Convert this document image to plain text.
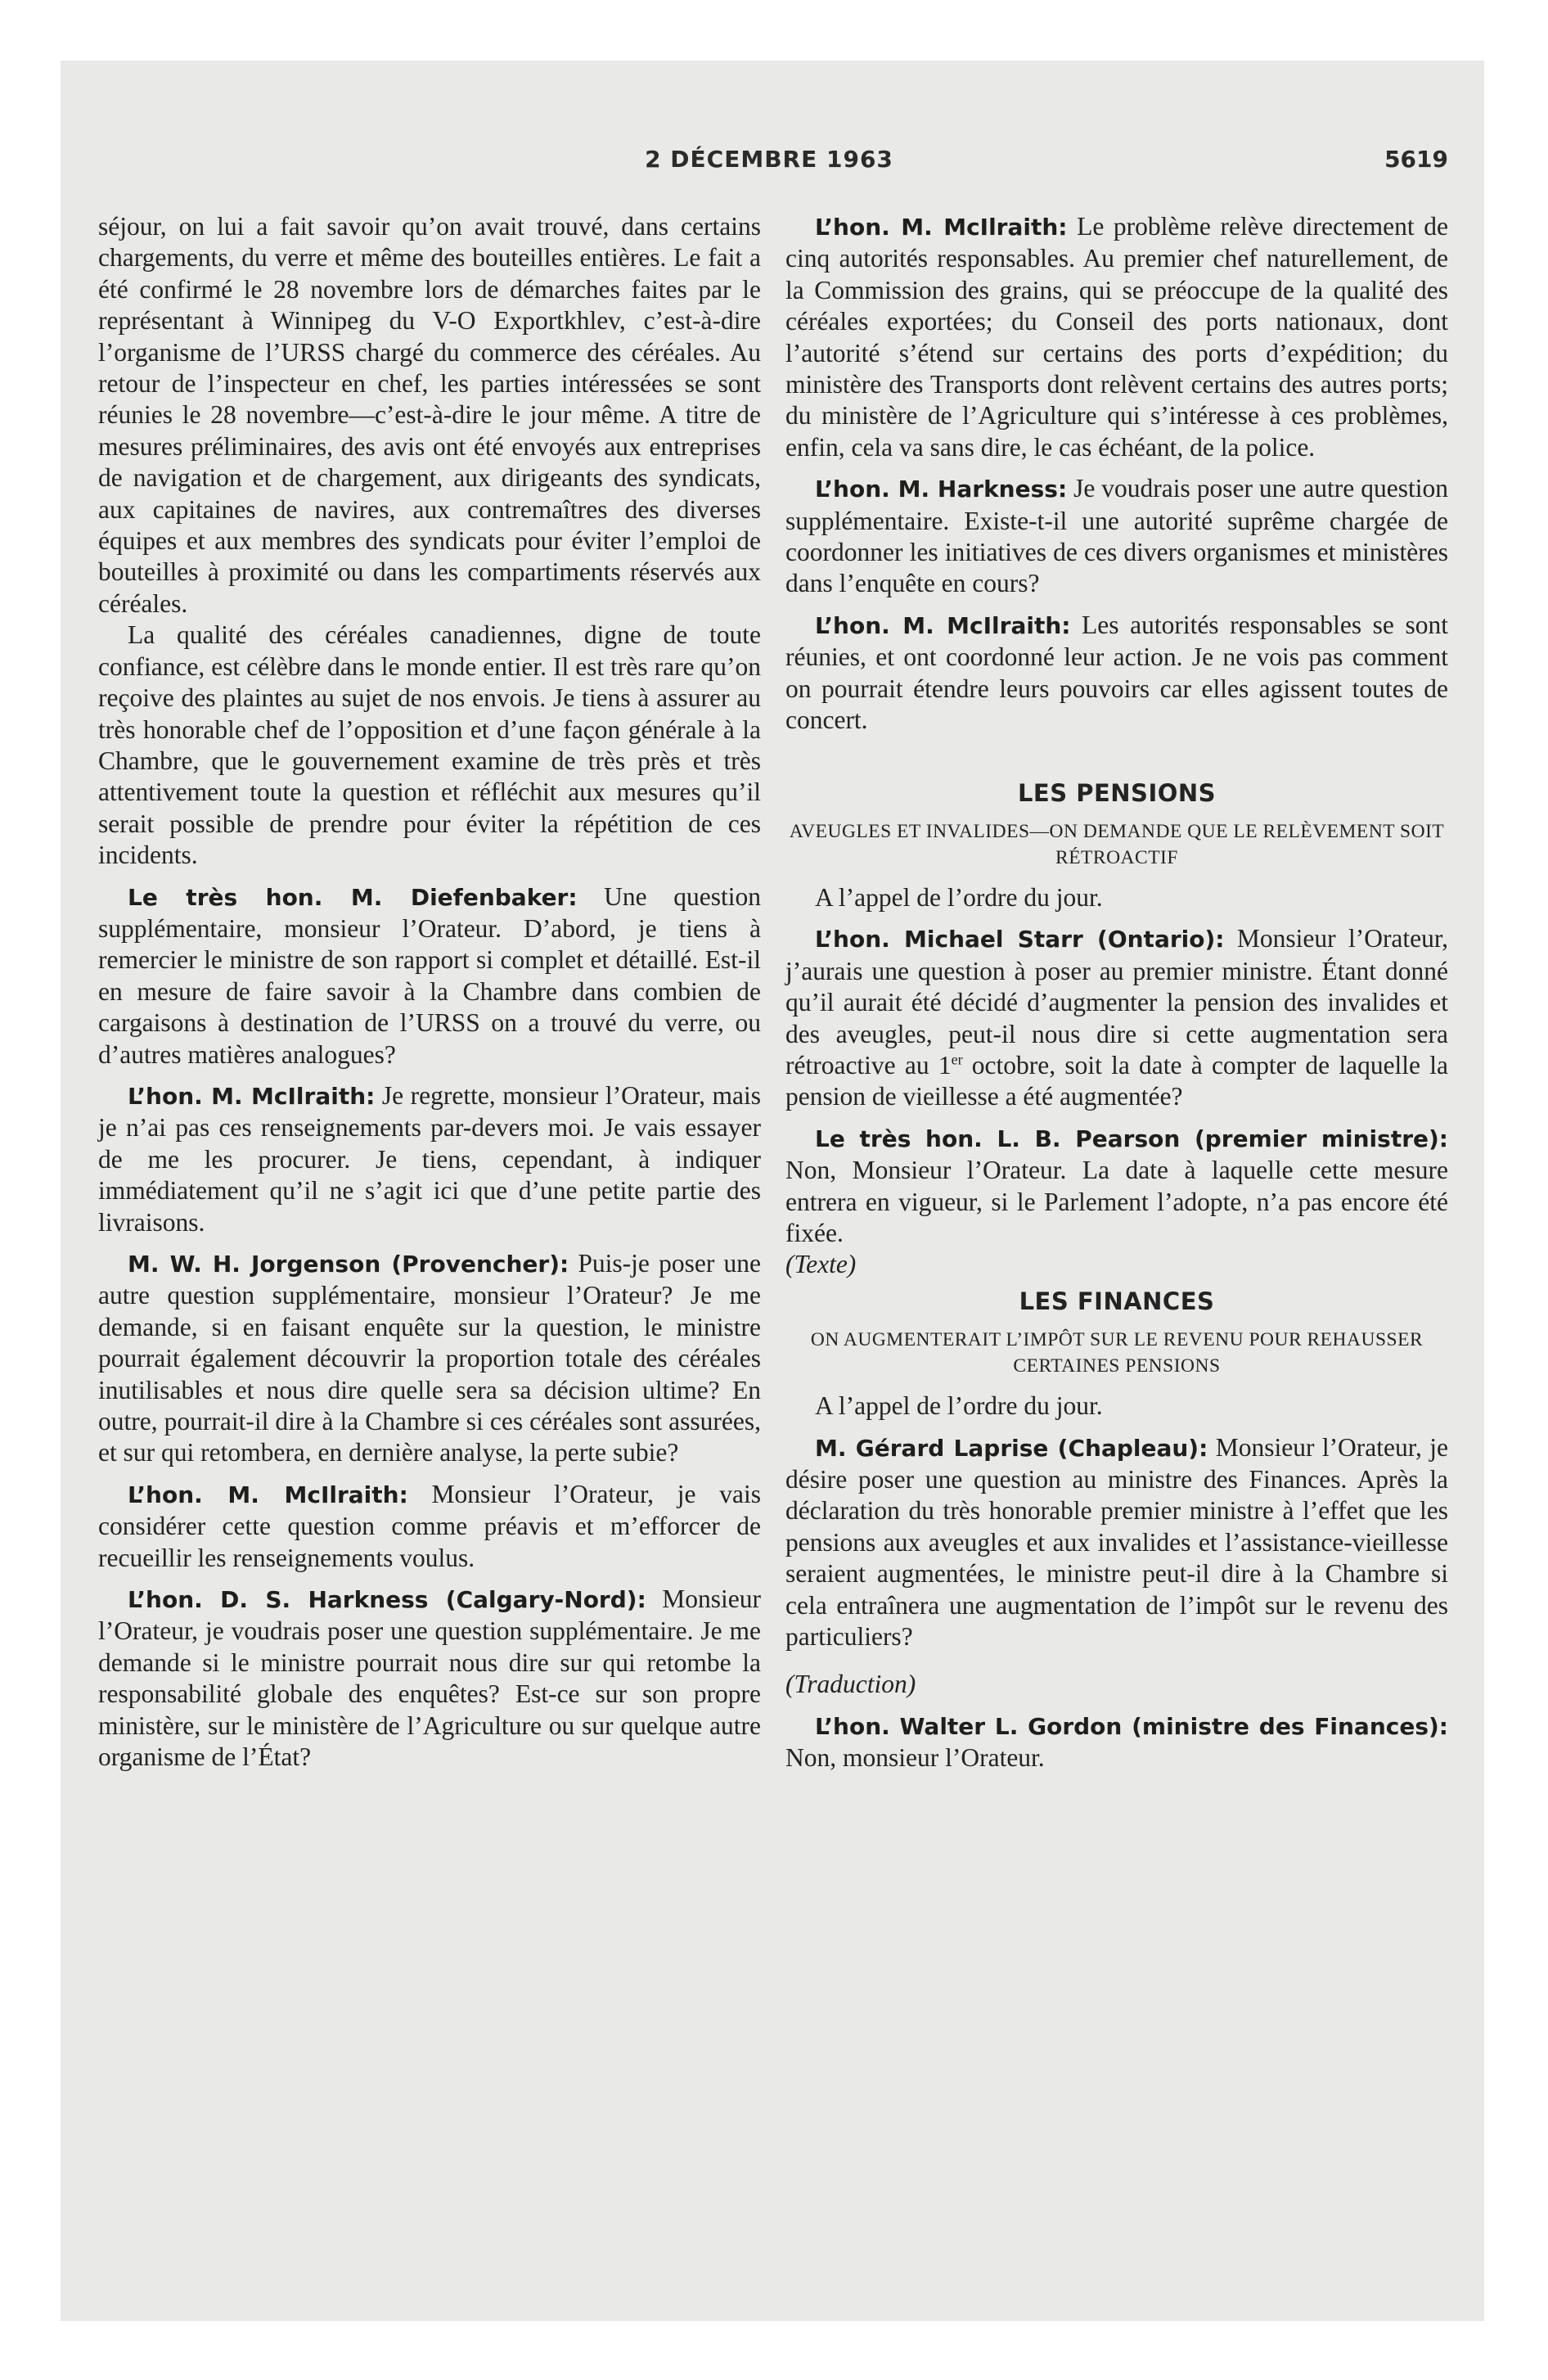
2 DÉCEMBRE 1963	5619

séjour, on lui a fait savoir qu’on avait trouvé, dans certains chargements, du verre et même des bouteilles entières. Le fait a été confirmé le 28 novembre lors de démarches faites par le représentant à Winnipeg du V-O Exportkhlev, c’est-à-dire l’organisme de l’URSS chargé du commerce des céréales. Au retour de l’inspecteur en chef, les parties intéressées se sont réunies le 28 novembre—c’est-à-dire le jour même. A titre de mesures préliminaires, des avis ont été envoyés aux entreprises de navigation et de chargement, aux dirigeants des syndicats, aux capitaines de navires, aux contremaîtres des diverses équipes et aux membres des syndicats pour éviter l’emploi de bouteilles à proximité ou dans les compartiments réservés aux céréales.

La qualité des céréales canadiennes, digne de toute confiance, est célèbre dans le monde entier. Il est très rare qu’on reçoive des plaintes au sujet de nos envois. Je tiens à assurer au très honorable chef de l’opposition et d’une façon générale à la Chambre, que le gouvernement examine de très près et très attentivement toute la question et réfléchit aux mesures qu’il serait possible de prendre pour éviter la répétition de ces incidents.

Le très hon. M. Diefenbaker: Une question supplémentaire, monsieur l’Orateur. D’abord, je tiens à remercier le ministre de son rapport si complet et détaillé. Est-il en mesure de faire savoir à la Chambre dans combien de cargaisons à destination de l’URSS on a trouvé du verre, ou d’autres matières analogues?

L’hon. M. McIlraith: Je regrette, monsieur l’Orateur, mais je n’ai pas ces renseignements par-devers moi. Je vais essayer de me les procurer. Je tiens, cependant, à indiquer immédiatement qu’il ne s’agit ici que d’une petite partie des livraisons.

M. W. H. Jorgenson (Provencher): Puis-je poser une autre question supplémentaire, monsieur l’Orateur? Je me demande, si en faisant enquête sur la question, le ministre pourrait également découvrir la proportion totale des céréales inutilisables et nous dire quelle sera sa décision ultime? En outre, pourrait-il dire à la Chambre si ces céréales sont assurées, et sur qui retombera, en dernière analyse, la perte subie?

L’hon. M. McIlraith: Monsieur l’Orateur, je vais considérer cette question comme préavis et m’efforcer de recueillir les renseignements voulus.

L’hon. D. S. Harkness (Calgary-Nord): Monsieur l’Orateur, je voudrais poser une question supplémentaire. Je me demande si le ministre pourrait nous dire sur qui retombe la responsabilité globale des enquêtes? Est-ce sur son propre ministère, sur le ministère de l’Agriculture ou sur quelque autre organisme de l’État?

L’hon. M. McIlraith: Le problème relève directement de cinq autorités responsables. Au premier chef naturellement, de la Commission des grains, qui se préoccupe de la qualité des céréales exportées; du Conseil des ports nationaux, dont l’autorité s’étend sur certains des ports d’expédition; du ministère des Transports dont relèvent certains des autres ports; du ministère de l’Agriculture qui s’intéresse à ces problèmes, enfin, cela va sans dire, le cas échéant, de la police.

L’hon. M. Harkness: Je voudrais poser une autre question supplémentaire. Existe-t-il une autorité suprême chargée de coordonner les initiatives de ces divers organismes et ministères dans l’enquête en cours?

L’hon. M. McIlraith: Les autorités responsables se sont réunies, et ont coordonné leur action. Je ne vois pas comment on pourrait étendre leurs pouvoirs car elles agissent toutes de concert.

LES PENSIONS
AVEUGLES ET INVALIDES—ON DEMANDE QUE LE RELÈVEMENT SOIT RÉTROACTIF

A l’appel de l’ordre du jour.

L’hon. Michael Starr (Ontario): Monsieur l’Orateur, j’aurais une question à poser au premier ministre. Étant donné qu’il aurait été décidé d’augmenter la pension des invalides et des aveugles, peut-il nous dire si cette augmentation sera rétroactive au 1er octobre, soit la date à compter de laquelle la pension de vieillesse a été augmentée?

Le très hon. L. B. Pearson (premier ministre): Non, Monsieur l’Orateur. La date à laquelle cette mesure entrera en vigueur, si le Parlement l’adopte, n’a pas encore été fixée.

(Texte)

LES FINANCES
ON AUGMENTERAIT L’IMPÔT SUR LE REVENU POUR REHAUSSER CERTAINES PENSIONS

A l’appel de l’ordre du jour.

M. Gérard Laprise (Chapleau): Monsieur l’Orateur, je désire poser une question au ministre des Finances. Après la déclaration du très honorable premier ministre à l’effet que les pensions aux aveugles et aux invalides et l’assistance-vieillesse seraient augmentées, le ministre peut-il dire à la Chambre si cela entraînera une augmentation de l’impôt sur le revenu des particuliers?

(Traduction)

L’hon. Walter L. Gordon (ministre des Finances): Non, monsieur l’Orateur.
